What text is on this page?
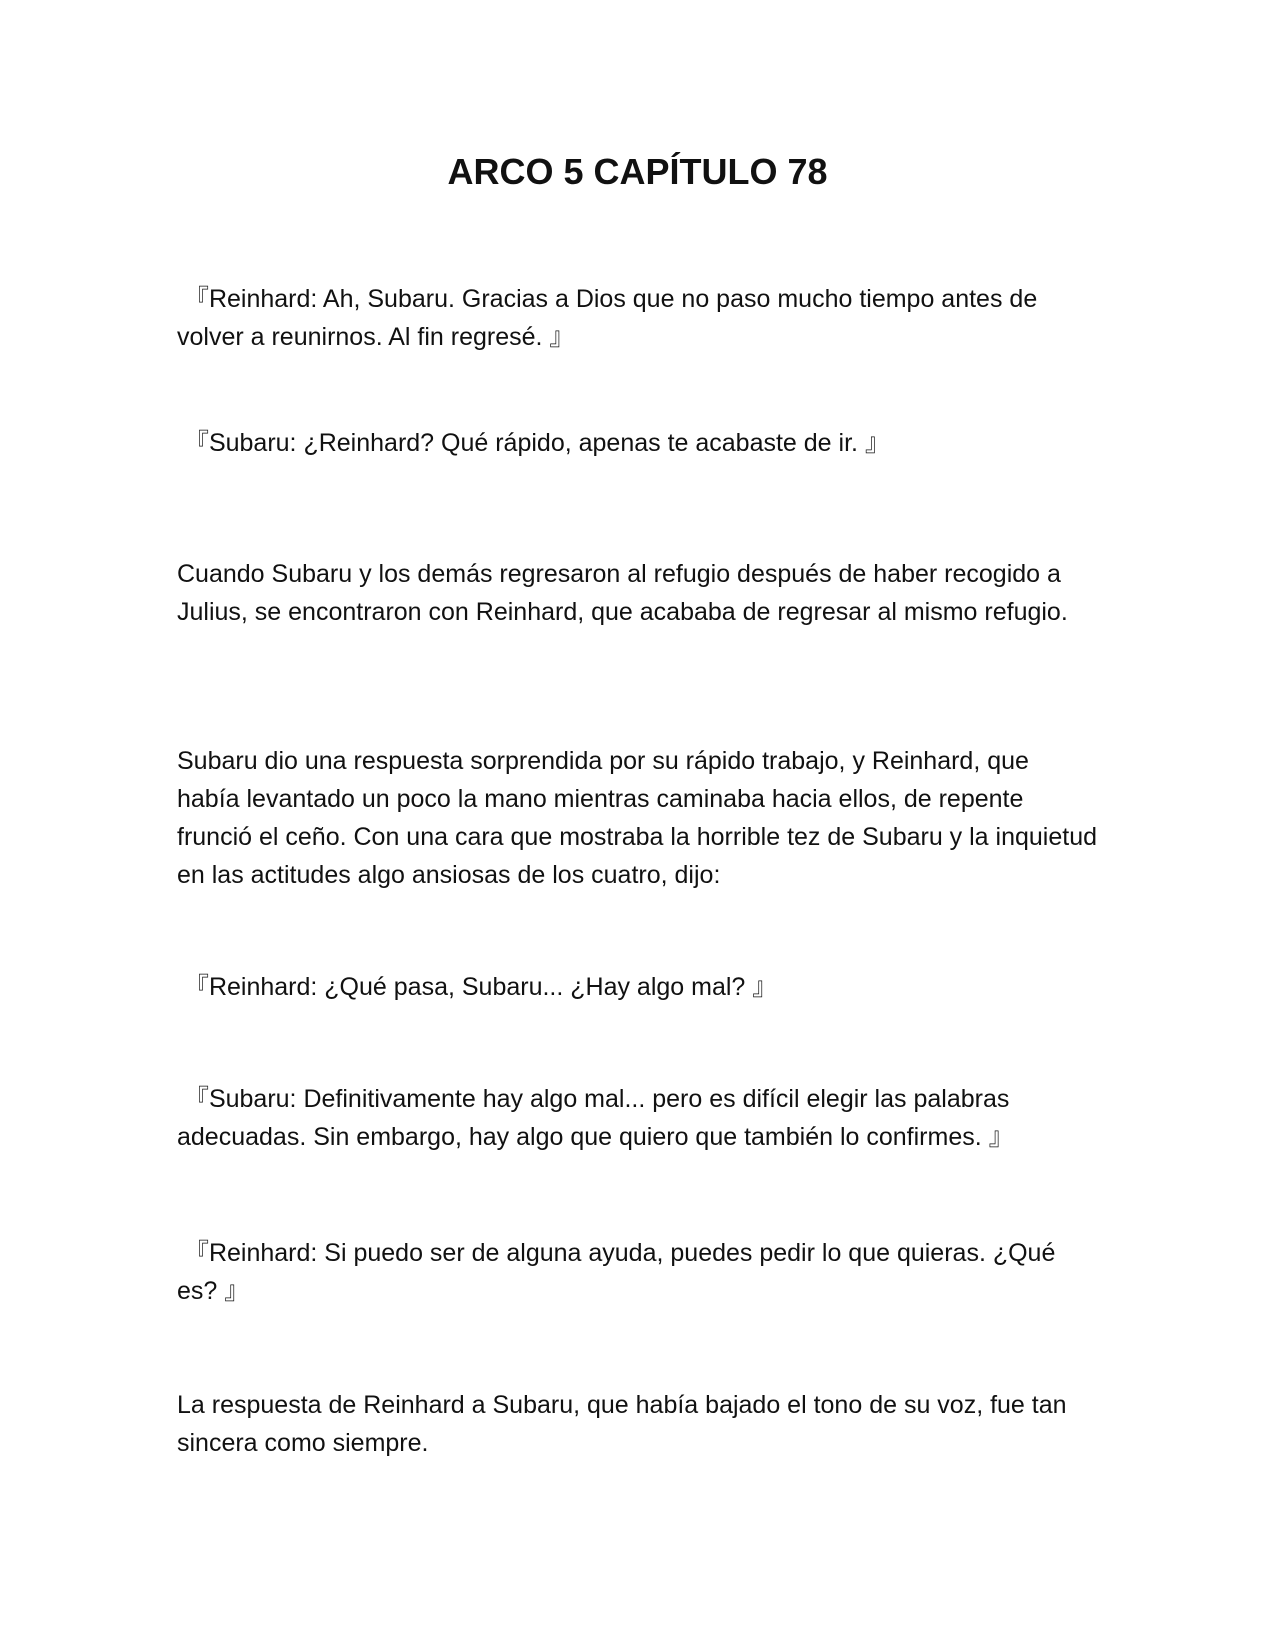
ARCO 5 CAPÍTULO 78

『Reinhard: Ah, Subaru. Gracias a Dios que no paso mucho tiempo antes de volver a reunirnos. Al fin regresé. 』

『Subaru: ¿Reinhard? Qué rápido, apenas te acabaste de ir. 』

Cuando Subaru y los demás regresaron al refugio después de haber recogido a Julius, se encontraron con Reinhard, que acababa de regresar al mismo refugio.

Subaru dio una respuesta sorprendida por su rápido trabajo, y Reinhard, que había levantado un poco la mano mientras caminaba hacia ellos, de repente frunció el ceño. Con una cara que mostraba la horrible tez de Subaru y la inquietud en las actitudes algo ansiosas de los cuatro, dijo:

『Reinhard: ¿Qué pasa, Subaru... ¿Hay algo mal? 』

『Subaru: Definitivamente hay algo mal... pero es difícil elegir las palabras adecuadas. Sin embargo, hay algo que quiero que también lo confirmes. 』

『Reinhard: Si puedo ser de alguna ayuda, puedes pedir lo que quieras. ¿Qué es? 』

La respuesta de Reinhard a Subaru, que había bajado el tono de su voz, fue tan sincera como siempre.
